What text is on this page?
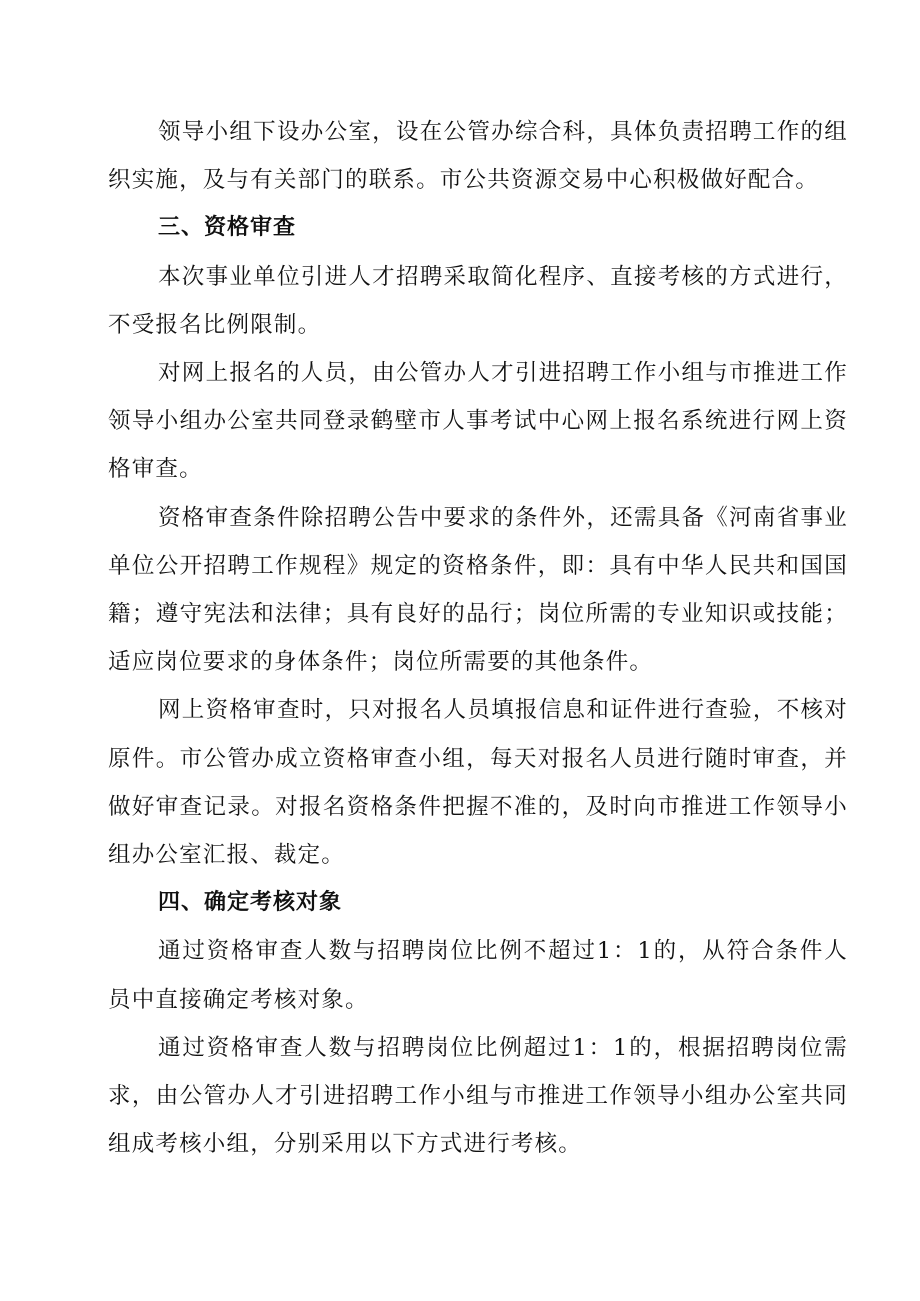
领导小组下设办公室，设在公管办综合科，具体负责招聘工作的组织实施，及与有关部门的联系。市公共资源交易中心积极做好配合。

三、资格审查

本次事业单位引进人才招聘采取简化程序、直接考核的方式进行，不受报名比例限制。

对网上报名的人员，由公管办人才引进招聘工作小组与市推进工作领导小组办公室共同登录鹤壁市人事考试中心网上报名系统进行网上资格审查。

资格审查条件除招聘公告中要求的条件外，还需具备《河南省事业单位公开招聘工作规程》规定的资格条件，即：具有中华人民共和国国籍；遵守宪法和法律；具有良好的品行；岗位所需的专业知识或技能；适应岗位要求的身体条件；岗位所需要的其他条件。

网上资格审查时，只对报名人员填报信息和证件进行查验，不核对原件。市公管办成立资格审查小组，每天对报名人员进行随时审查，并做好审查记录。对报名资格条件把握不准的，及时向市推进工作领导小组办公室汇报、裁定。

四、确定考核对象

通过资格审查人数与招聘岗位比例不超过1：1的，从符合条件人员中直接确定考核对象。

通过资格审查人数与招聘岗位比例超过1：1的，根据招聘岗位需求，由公管办人才引进招聘工作小组与市推进工作领导小组办公室共同组成考核小组，分别采用以下方式进行考核。
